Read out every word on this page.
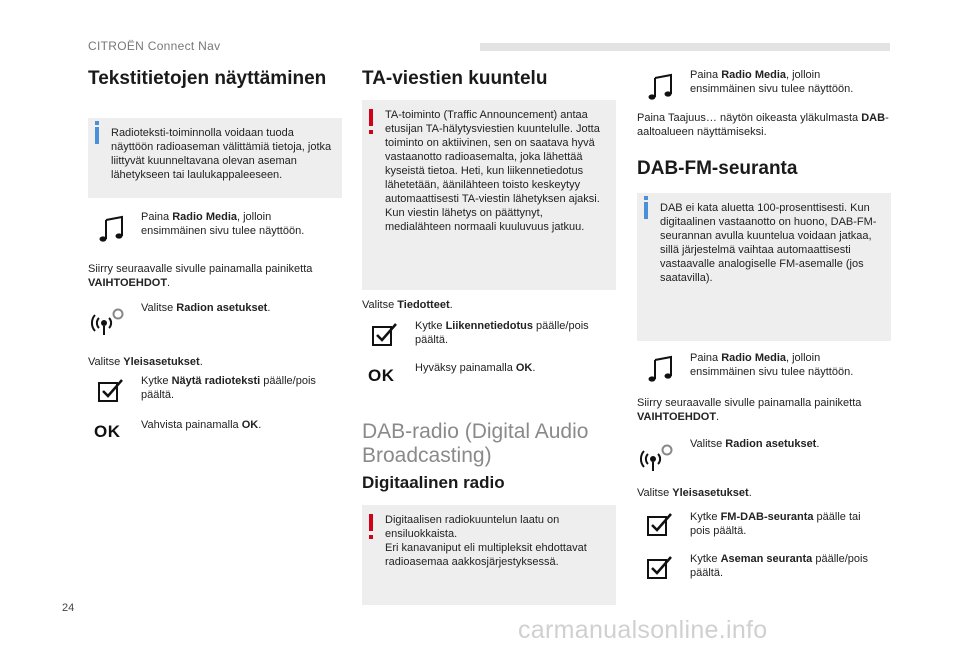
CITROËN Connect Nav
24
carmanualsonline.info
Tekstitietojen näyttäminen
Radioteksti-toiminnolla voidaan tuoda näyttöön radioaseman välittämiä tietoja, jotka liittyvät kuunneltavana olevan aseman lähetykseen tai laulukappaleeseen.

Paina Radio Media, jolloin ensimmäinen sivu tulee näyttöön.

Siirry seuraavalle sivulle painamalla painiketta VAIHTOEHDOT.

Valitse Radion asetukset.

Valitse Yleisasetukset.

Kytke Näytä radioteksti päälle/pois päältä.

OK	Vahvista painamalla OK.

TA-viestien kuuntelu
TA-toiminto (Traffic Announcement) antaa etusijan TA-hälytysviestien kuuntelulle. Jotta toiminto on aktiivinen, sen on saatava hyvä vastaanotto radioasemalta, joka lähettää kyseistä tietoa. Heti, kun liikennetiedotus lähetetään, äänilähteen toisto keskeytyy automaattisesti TA-viestin lähetyksen ajaksi. Kun viestin lähetys on päättynyt, medialähteen normaali kuuluvuus jatkuu.

Valitse Tiedotteet.

Kytke Liikennetiedotus päälle/pois päältä.

OK	Hyväksy painamalla OK.

DAB-radio (Digital Audio
Broadcasting)
Digitaalinen radio
Digitaalisen radiokuuntelun laatu on ensiluokkaista.
Eri kanavaniput eli multipleksit ehdottavat radioasemaa aakkosjärjestyksessä.

Paina Radio Media, jolloin ensimmäinen sivu tulee näyttöön.

Paina Taajuus… näytön oikeasta yläkulmasta DAB-aaltoalueen näyttämiseksi.

DAB-FM-seuranta
DAB ei kata aluetta 100-prosenttisesti. Kun digitaalinen vastaanotto on huono, DAB-FM-seurannan avulla kuuntelua voidaan jatkaa, sillä järjestelmä vaihtaa automaattisesti vastaavalle analogiselle FM-asemalle (jos saatavilla).

Paina Radio Media, jolloin ensimmäinen sivu tulee näyttöön.

Siirry seuraavalle sivulle painamalla painiketta VAIHTOEHDOT.

Valitse Radion asetukset.

Valitse Yleisasetukset.

Kytke FM-DAB-seuranta päälle tai pois päältä.

Kytke Aseman seuranta päälle/pois päältä.
